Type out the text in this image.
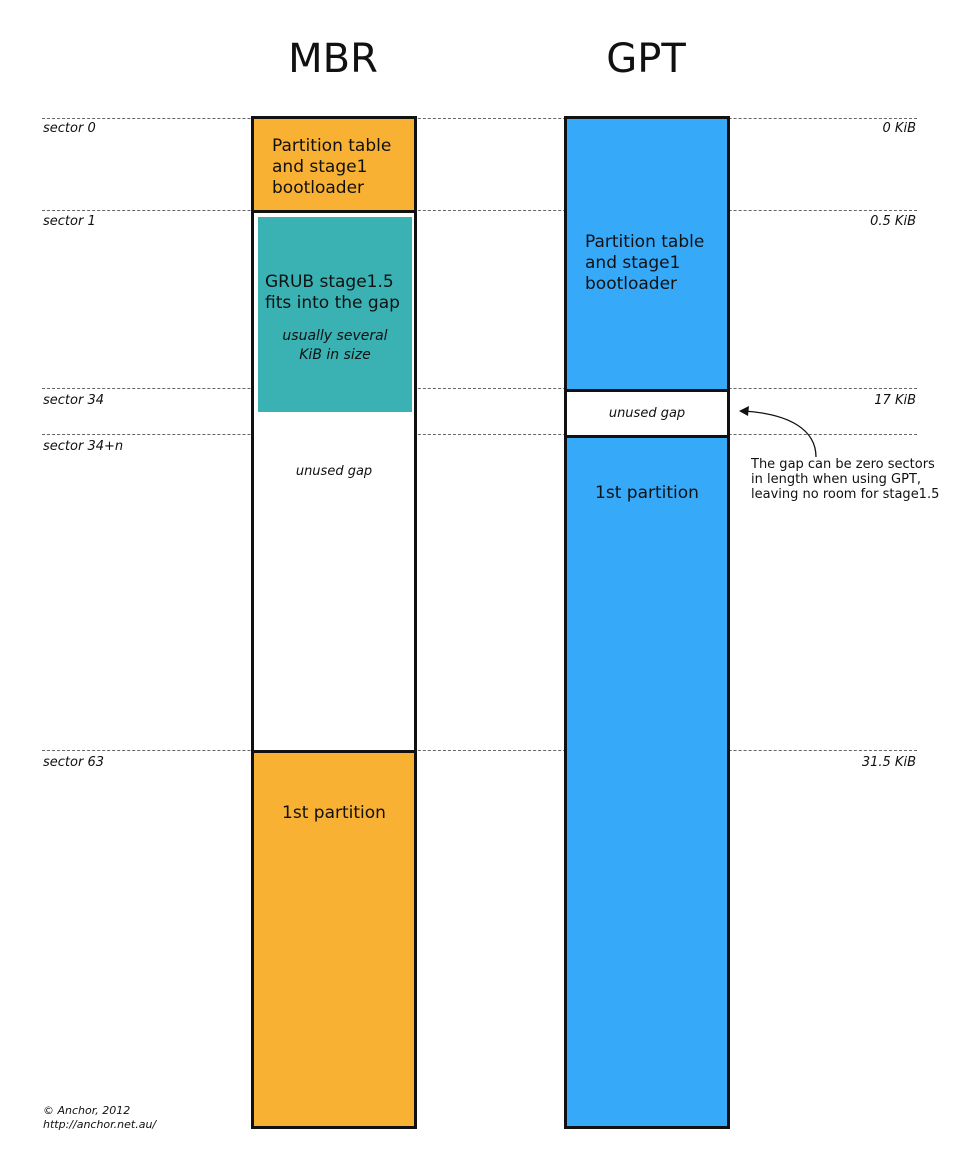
MBR	GPT
sector 0
sector 1
sector 34
sector 34+n
sector 63
0 KiB
0.5 KiB
17 KiB
31.5 KiB
Partition table
and stage1
bootloader
GRUB stage1.5
fits into the gap
usually several
KiB in size
unused gap
1st partition
Partition table
and stage1
bootloader
unused gap
1st partition
The gap can be zero sectors
in length when using GPT,
leaving no room for stage1.5
© Anchor, 2012
http://anchor.net.au/
